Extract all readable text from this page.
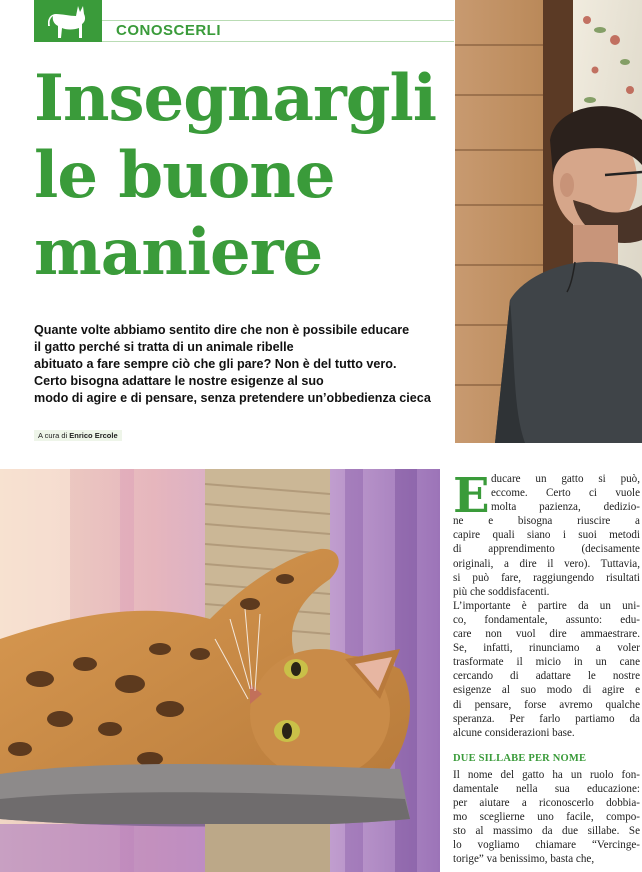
CONOSCERLI
Insegnargli
le buone
maniere
Quante volte abbiamo sentito dire che non è possibile educare
il gatto perché si tratta di un animale ribelle
abituato a fare sempre ciò che gli pare? Non è del tutto vero.
Certo bisogna adattare le nostre esigenze al suo
modo di agire e di pensare, senza pretendere un’obbedienza cieca
A cura di Enrico Ercole
E ducare un gatto si può,
eccome. Certo ci vuole
molta pazienza, dedizio-
ne e bisogna riuscire a
capire quali siano i suoi metodi
di apprendimento (decisamente
originali, a dire il vero). Tuttavia,
si può fare, raggiungendo risultati
più che soddisfacenti.

L’importante è partire da un uni-
co, fondamentale, assunto: edu-
care non vuol dire ammaestrare.
Se, infatti, rinunciamo a voler
trasformate il micio in un cane
cercando di adattare le nostre
esigenze al suo modo di agire e
di pensare, forse avremo qualche
speranza. Per farlo partiamo da
alcune considerazioni base.

DUE SILLABE PER NOME

Il nome del gatto ha un ruolo fon-
damentale nella sua educazione:
per aiutare a riconoscerlo dobbia-
mo sceglierne uno facile, compo-
sto al massimo da due sillabe. Se
lo vogliamo chiamare “Vercinge-
torige” va benissimo, basta che,
